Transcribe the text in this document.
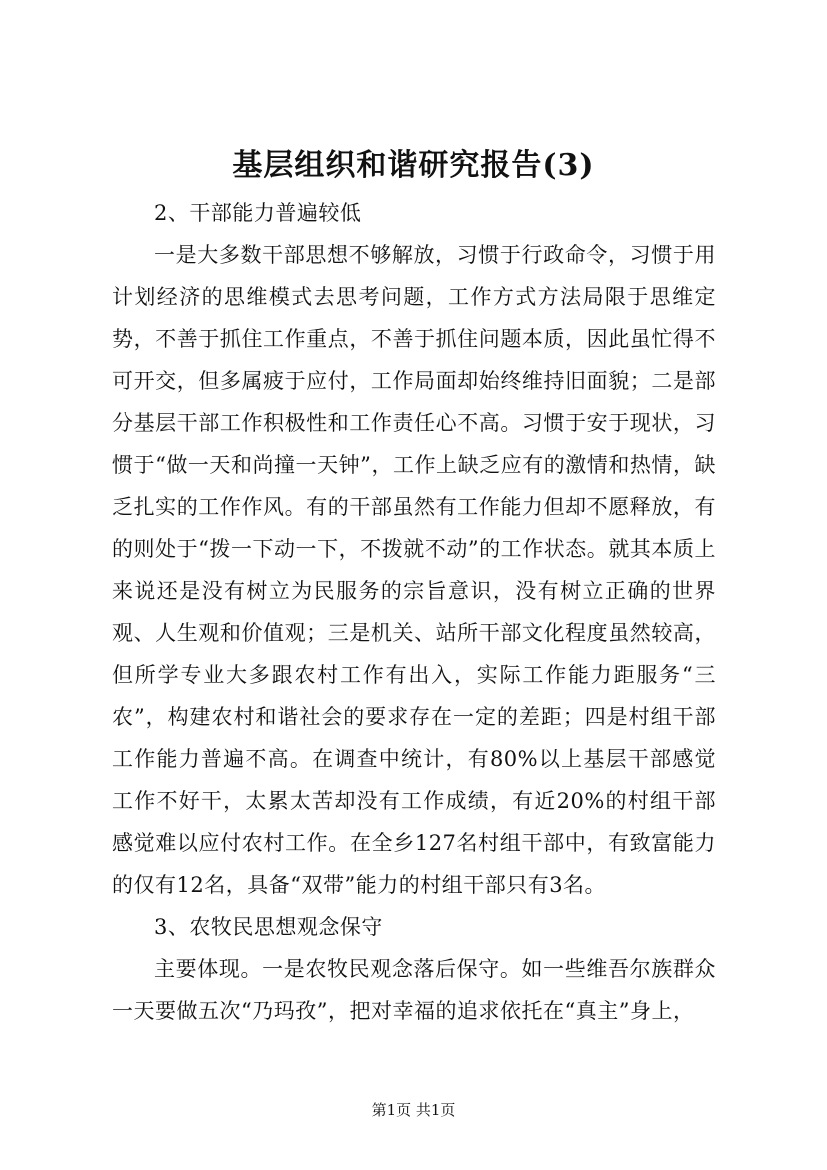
基层组织和谐研究报告(3)

2、干部能力普遍较低

一是大多数干部思想不够解放，习惯于行政命令，习惯于用计划经济的思维模式去思考问题，工作方式方法局限于思维定势，不善于抓住工作重点，不善于抓住问题本质，因此虽忙得不可开交，但多属疲于应付，工作局面却始终维持旧面貌；二是部分基层干部工作积极性和工作责任心不高。习惯于安于现状，习惯于“做一天和尚撞一天钟”，工作上缺乏应有的激情和热情，缺乏扎实的工作作风。有的干部虽然有工作能力但却不愿释放，有的则处于“拨一下动一下，不拨就不动”的工作状态。就其本质上来说还是没有树立为民服务的宗旨意识，没有树立正确的世界观、人生观和价值观；三是机关、站所干部文化程度虽然较高，但所学专业大多跟农村工作有出入，实际工作能力距服务“三农”，构建农村和谐社会的要求存在一定的差距；四是村组干部工作能力普遍不高。在调查中统计，有80%以上基层干部感觉工作不好干，太累太苦却没有工作成绩，有近20%的村组干部感觉难以应付农村工作。在全乡127名村组干部中，有致富能力的仅有12名，具备“双带”能力的村组干部只有3名。

3、农牧民思想观念保守

主要体现。一是农牧民观念落后保守。如一些维吾尔族群众一天要做五次“乃玛孜”，把对幸福的追求依托在“真主”身上，

第1页 共1页
